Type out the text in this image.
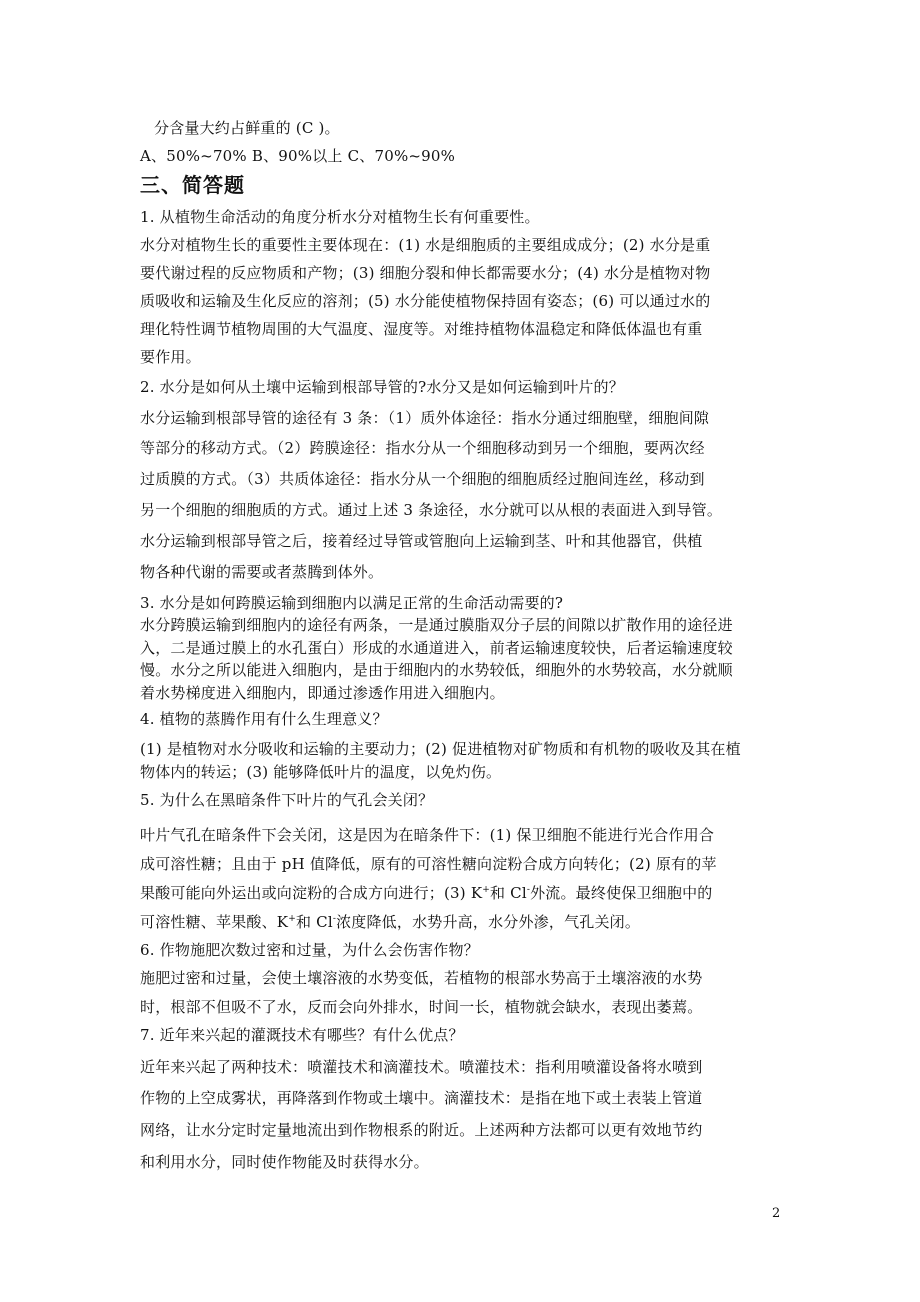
分含量大约占鲜重的 (C )。
A、50%~70% B、90%以上 C、70%~90%
三、简答题
1. 从植物生命活动的角度分析水分对植物生长有何重要性。
水分对植物生长的重要性主要体现在：(1) 水是细胞质的主要组成成分；(2) 水分是重
要代谢过程的反应物质和产物；(3) 细胞分裂和伸长都需要水分；(4) 水分是植物对物
质吸收和运输及生化反应的溶剂；(5) 水分能使植物保持固有姿态；(6) 可以通过水的
理化特性调节植物周围的大气温度、湿度等。对维持植物体温稳定和降低体温也有重
要作用。
2. 水分是如何从土壤中运输到根部导管的?水分又是如何运输到叶片的？
水分运输到根部导管的途径有 3 条：（1）质外体途径：指水分通过细胞壁，细胞间隙
等部分的移动方式。（2）跨膜途径：指水分从一个细胞移动到另一个细胞，要两次经
过质膜的方式。（3）共质体途径：指水分从一个细胞的细胞质经过胞间连丝，移动到
另一个细胞的细胞质的方式。通过上述 3 条途径，水分就可以从根的表面进入到导管。
水分运输到根部导管之后，接着经过导管或管胞向上运输到茎、叶和其他器官，供植
物各种代谢的需要或者蒸腾到体外。
3. 水分是如何跨膜运输到细胞内以满足正常的生命活动需要的?
水分跨膜运输到细胞内的途径有两条，一是通过膜脂双分子层的间隙以扩散作用的途径进
入，二是通过膜上的水孔蛋白）形成的水通道进入，前者运输速度较快，后者运输速度较
慢。水分之所以能进入细胞内，是由于细胞内的水势较低，细胞外的水势较高，水分就顺
着水势梯度进入细胞内，即通过渗透作用进入细胞内。
4. 植物的蒸腾作用有什么生理意义？
(1) 是植物对水分吸收和运输的主要动力；(2) 促进植物对矿物质和有机物的吸收及其在植
物体内的转运；(3) 能够降低叶片的温度，以免灼伤。
5. 为什么在黑暗条件下叶片的气孔会关闭？
叶片气孔在暗条件下会关闭，这是因为在暗条件下：(1) 保卫细胞不能进行光合作用合
成可溶性糖；且由于 pH 值降低，原有的可溶性糖向淀粉合成方向转化；(2) 原有的苹
果酸可能向外运出或向淀粉的合成方向进行；(3) K+和 Cl-外流。最终使保卫细胞中的
可溶性糖、苹果酸、K+和 Cl-浓度降低，水势升高，水分外渗，气孔关闭。
6. 作物施肥次数过密和过量，为什么会伤害作物？
施肥过密和过量，会使土壤溶液的水势变低，若植物的根部水势高于土壤溶液的水势
时，根部不但吸不了水，反而会向外排水，时间一长，植物就会缺水，表现出萎蔫。
7. 近年来兴起的灌溉技术有哪些？有什么优点？
近年来兴起了两种技术：喷灌技术和滴灌技术。喷灌技术：指利用喷灌设备将水喷到
作物的上空成雾状，再降落到作物或土壤中。滴灌技术：是指在地下或土表装上管道
网络，让水分定时定量地流出到作物根系的附近。上述两种方法都可以更有效地节约
和利用水分，同时使作物能及时获得水分。
2
